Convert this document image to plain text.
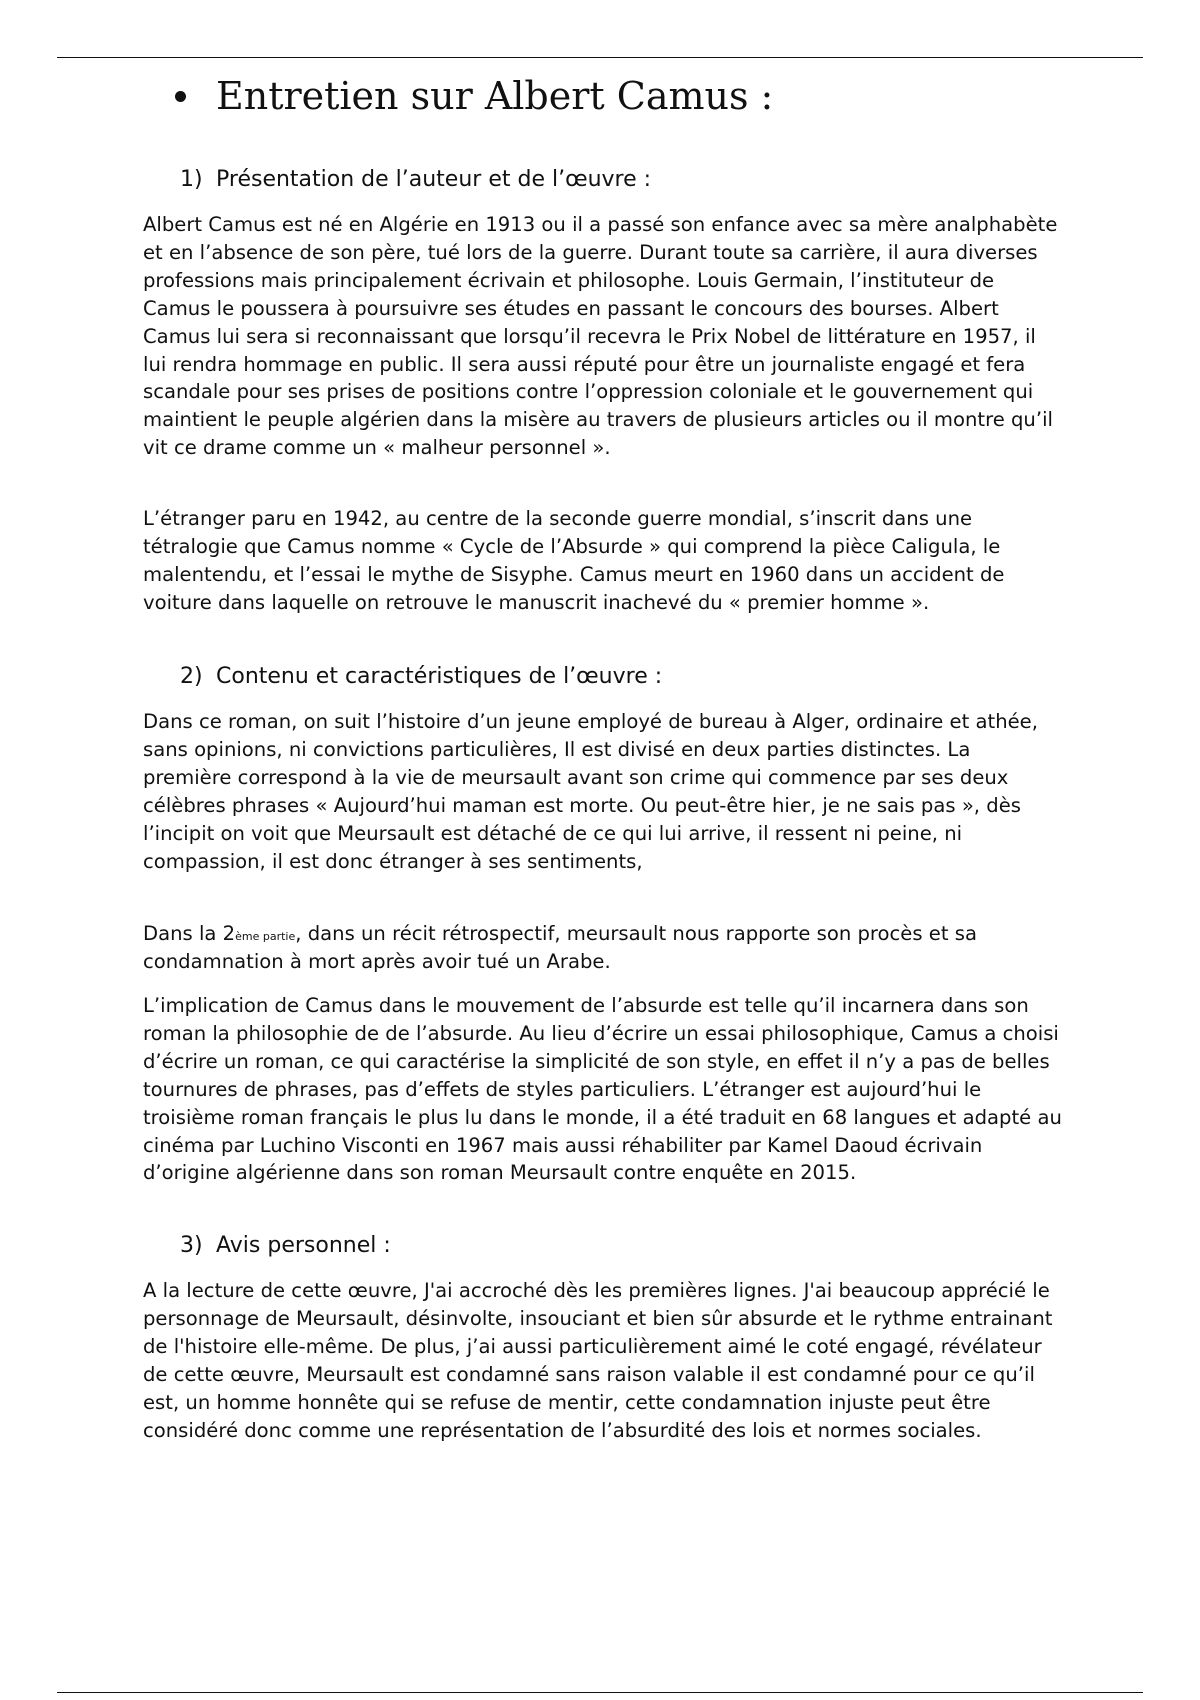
Entretien sur Albert Camus :
1) Présentation de l’auteur et de l’œuvre :

Albert Camus est né en Algérie en 1913 ou il a passé son enfance avec sa mère analphabète et en l’absence de son père, tué lors de la guerre. Durant toute sa carrière, il aura diverses professions mais principalement écrivain et philosophe. Louis Germain, l’instituteur de Camus le poussera à poursuivre ses études en passant le concours des bourses. Albert Camus lui sera si reconnaissant que lorsqu’il recevra le Prix Nobel de littérature en 1957, il lui rendra hommage en public. Il sera aussi réputé pour être un journaliste engagé et fera scandale pour ses prises de positions contre l’oppression coloniale et le gouvernement qui maintient le peuple algérien dans la misère au travers de plusieurs articles ou il montre qu’il vit ce drame comme un « malheur personnel ».

L’étranger paru en 1942, au centre de la seconde guerre mondial, s’inscrit dans une tétralogie que Camus nomme « Cycle de l’Absurde » qui comprend la pièce Caligula, le malentendu, et l’essai le mythe de Sisyphe. Camus meurt en 1960 dans un accident de voiture dans laquelle on retrouve le manuscrit inachevé du « premier homme ».

2) Contenu et caractéristiques de l’œuvre :

Dans ce roman, on suit l’histoire d’un jeune employé de bureau à Alger, ordinaire et athée, sans opinions, ni convictions particulières, Il est divisé en deux parties distinctes. La première correspond à la vie de meursault avant son crime qui commence par ses deux célèbres phrases « Aujourd’hui maman est morte. Ou peut-être hier, je ne sais pas », dès l’incipit on voit que Meursault est détaché de ce qui lui arrive, il ressent ni peine, ni compassion, il est donc étranger à ses sentiments,

Dans la $2^{ème partie}$, dans un récit rétrospectif, meursault nous rapporte son procès et sa condamnation à mort après avoir tué un Arabe.

L’implication de Camus dans le mouvement de l’absurde est telle qu’il incarnera dans son roman la philosophie de de l’absurde. Au lieu d’écrire un essai philosophique, Camus a choisi d’écrire un roman, ce qui caractérise la simplicité de son style, en effet il n’y a pas de belles tournures de phrases, pas d’effets de styles particuliers. L’étranger est aujourd’hui le troisième roman français le plus lu dans le monde, il a été traduit en 68 langues et adapté au cinéma par Luchino Visconti en 1967 mais aussi réhabiliter par Kamel Daoud écrivain d’origine algérienne dans son roman Meursault contre enquête en 2015.

3) Avis personnel :

A la lecture de cette œuvre, J'ai accroché dès les premières lignes. J'ai beaucoup apprécié le personnage de Meursault, désinvolte, insouciant et bien sûr absurde et le rythme entrainant de l'histoire elle-même. De plus, j’ai aussi particulièrement aimé le coté engagé, révélateur de cette œuvre, Meursault est condamné sans raison valable il est condamné pour ce qu’il est, un homme honnête qui se refuse de mentir, cette condamnation injuste peut être considéré donc comme une représentation de l’absurdité des lois et normes sociales.
